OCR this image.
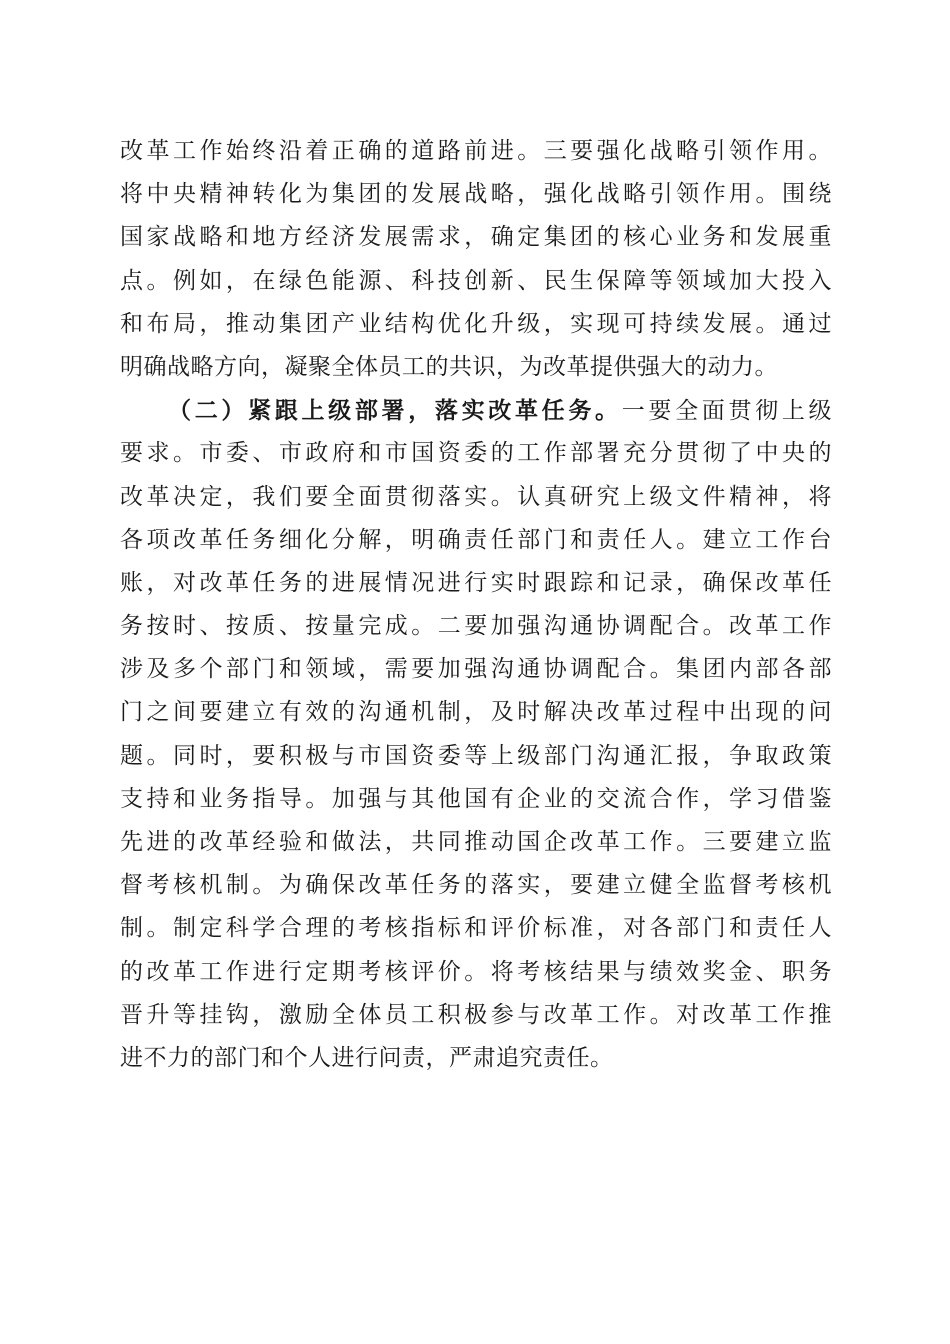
改革工作始终沿着正确的道路前进。三要强化战略引领作用。
将中央精神转化为集团的发展战略，强化战略引领作用。围绕
国家战略和地方经济发展需求，确定集团的核心业务和发展重
点。例如，在绿色能源、科技创新、民生保障等领域加大投入
和布局，推动集团产业结构优化升级，实现可持续发展。通过
明确战略方向，凝聚全体员工的共识，为改革提供强大的动力。
（二）紧跟上级部署，落实改革任务。一要全面贯彻上级
要求。市委、市政府和市国资委的工作部署充分贯彻了中央的
改革决定，我们要全面贯彻落实。认真研究上级文件精神，将
各项改革任务细化分解，明确责任部门和责任人。建立工作台
账，对改革任务的进展情况进行实时跟踪和记录，确保改革任
务按时、按质、按量完成。二要加强沟通协调配合。改革工作
涉及多个部门和领域，需要加强沟通协调配合。集团内部各部
门之间要建立有效的沟通机制，及时解决改革过程中出现的问
题。同时，要积极与市国资委等上级部门沟通汇报，争取政策
支持和业务指导。加强与其他国有企业的交流合作，学习借鉴
先进的改革经验和做法，共同推动国企改革工作。三要建立监
督考核机制。为确保改革任务的落实，要建立健全监督考核机
制。制定科学合理的考核指标和评价标准，对各部门和责任人
的改革工作进行定期考核评价。将考核结果与绩效奖金、职务
晋升等挂钩，激励全体员工积极参与改革工作。对改革工作推
进不力的部门和个人进行问责，严肃追究责任。
